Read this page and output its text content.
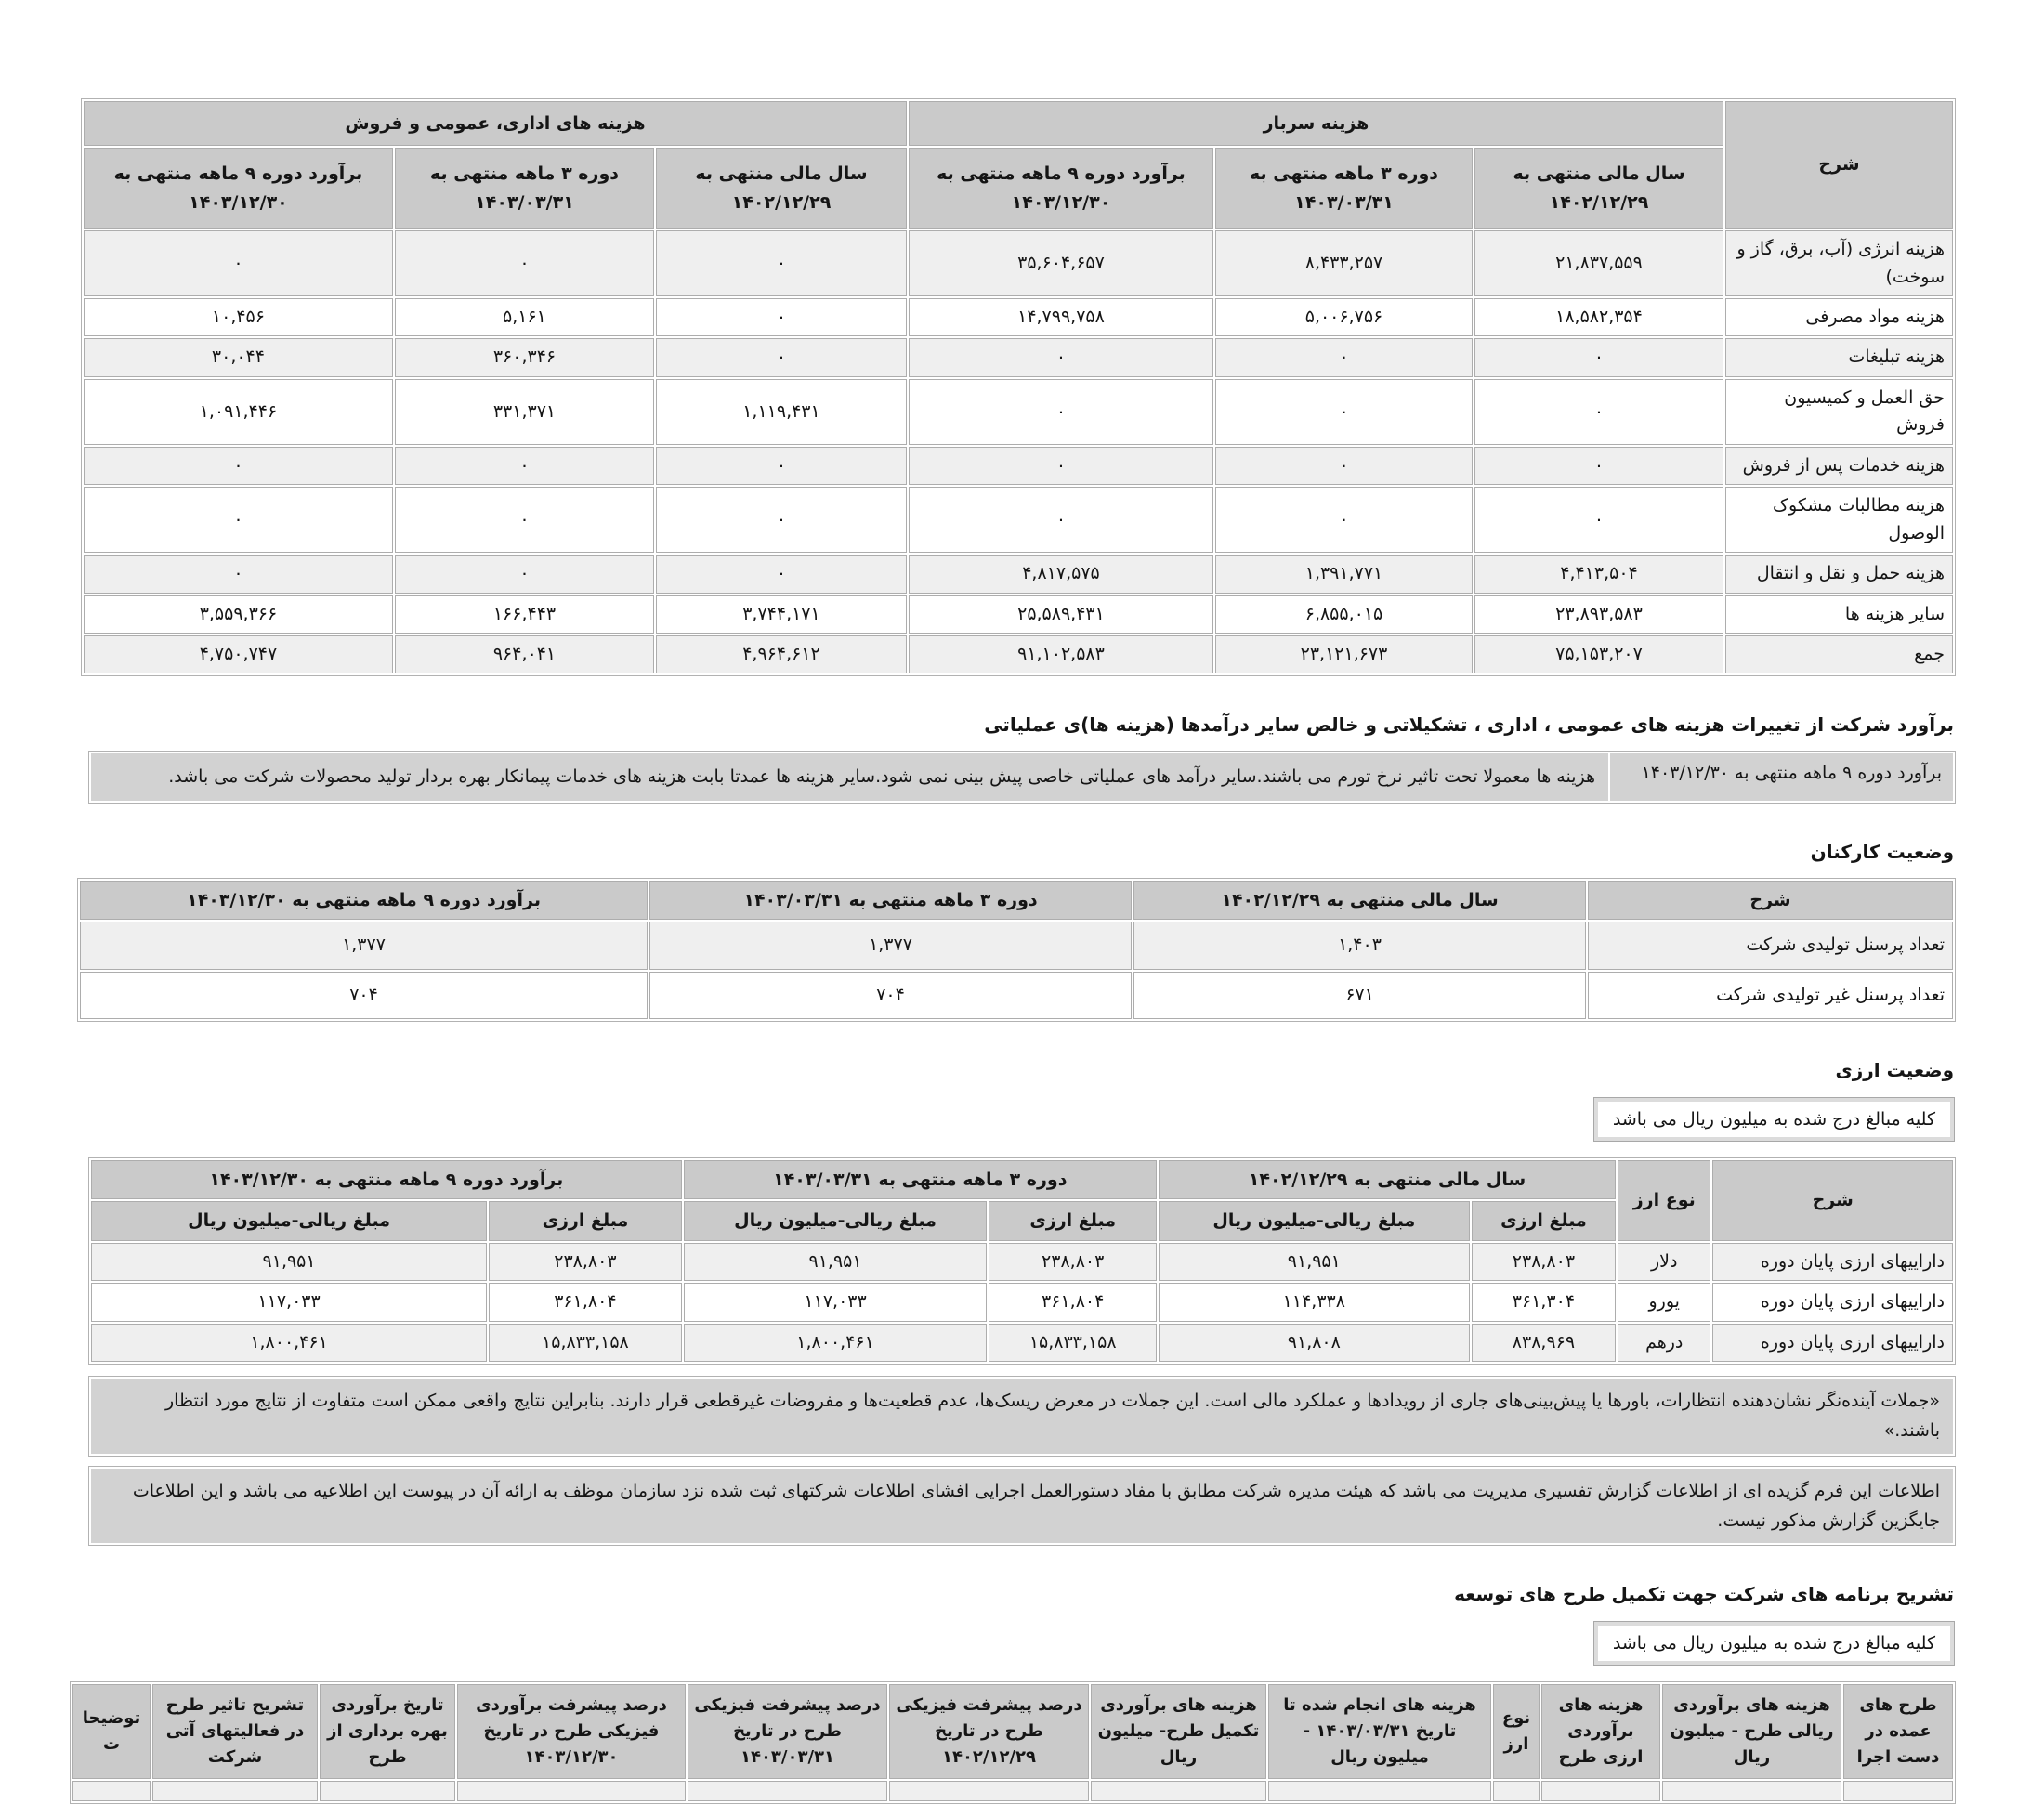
شرح	هزینه سربار			هزینه های اداری، عمومی و فروش		
	سال مالی منتهی به ۱۴۰۲/۱۲/۲۹	دوره ۳ ماهه منتهی به ۱۴۰۳/۰۳/۳۱	برآورد دوره ۹ ماهه منتهی به ۱۴۰۳/۱۲/۳۰	سال مالی منتهی به ۱۴۰۲/۱۲/۲۹	دوره ۳ ماهه منتهی به ۱۴۰۳/۰۳/۳۱	برآورد دوره ۹ ماهه منتهی به ۱۴۰۳/۱۲/۳۰
هزینه انرژی (آب، برق، گاز و سوخت)	۲۱,۸۳۷,۵۵۹	۸,۴۳۳,۲۵۷	۳۵,۶۰۴,۶۵۷	۰	۰	۰
هزینه مواد مصرفی	۱۸,۵۸۲,۳۵۴	۵,۰۰۶,۷۵۶	۱۴,۷۹۹,۷۵۸	۰	۵,۱۶۱	۱۰,۴۵۶
هزینه تبلیغات	۰	۰	۰	۰	۳۶۰,۳۴۶	۳۰,۰۴۴
حق العمل و کمیسیون فروش	۰	۰	۰	۱,۱۱۹,۴۳۱	۳۳۱,۳۷۱	۱,۰۹۱,۴۴۶
هزینه خدمات پس از فروش	۰	۰	۰	۰	۰	۰
هزینه مطالبات مشکوک الوصول	۰	۰	۰	۰	۰	۰
هزینه حمل و نقل و انتقال	۴,۴۱۳,۵۰۴	۱,۳۹۱,۷۷۱	۴,۸۱۷,۵۷۵	۰	۰	۰
سایر هزینه ها	۲۳,۸۹۳,۵۸۳	۶,۸۵۵,۰۱۵	۲۵,۵۸۹,۴۳۱	۳,۷۴۴,۱۷۱	۱۶۶,۴۴۳	۳,۵۵۹,۳۶۶
جمع	۷۵,۱۵۳,۲۰۷	۲۳,۱۲۱,۶۷۳	۹۱,۱۰۲,۵۸۳	۴,۹۶۴,۶۱۲	۹۶۴,۰۴۱	۴,۷۵۰,۷۴۷
برآورد شرکت از تغییرات هزینه های عمومی ، اداری ، تشکیلاتی و خالص سایر درآمدها (هزینه ها)ی عملیاتی
برآورد دوره ۹ ماهه منتهی به ۱۴۰۳/۱۲/۳۰
هزینه ها معمولا تحت تاثیر نرخ تورم می باشند.سایر درآمد های عملیاتی خاصی پیش بینی نمی شود.سایر هزینه ها عمدتا بابت هزینه های خدمات پیمانکار بهره بردار تولید محصولات شرکت می باشد.
وضعیت کارکنان
شرح	سال مالی منتهی به ۱۴۰۲/۱۲/۲۹	دوره ۳ ماهه منتهی به ۱۴۰۳/۰۳/۳۱	برآورد دوره ۹ ماهه منتهی به ۱۴۰۳/۱۲/۳۰
تعداد پرسنل تولیدی شرکت	۱,۴۰۳	۱,۳۷۷	۱,۳۷۷
تعداد پرسنل غیر تولیدی شرکت	۶۷۱	۷۰۴	۷۰۴
وضعیت ارزی
کلیه مبالغ درج شده به میلیون ریال می باشد
شرح	نوع ارز	سال مالی منتهی به ۱۴۰۲/۱۲/۲۹		دوره ۳ ماهه منتهی به ۱۴۰۳/۰۳/۳۱		برآورد دوره ۹ ماهه منتهی به ۱۴۰۳/۱۲/۳۰	
		مبلغ ارزی	مبلغ ریالی-میلیون ریال	مبلغ ارزی	مبلغ ریالی-میلیون ریال	مبلغ ارزی	مبلغ ریالی-میلیون ریال
داراییهای ارزی پایان دوره	دلار	۲۳۸,۸۰۳	۹۱,۹۵۱	۲۳۸,۸۰۳	۹۱,۹۵۱	۲۳۸,۸۰۳	۹۱,۹۵۱
داراییهای ارزی پایان دوره	یورو	۳۶۱,۳۰۴	۱۱۴,۳۳۸	۳۶۱,۸۰۴	۱۱۷,۰۳۳	۳۶۱,۸۰۴	۱۱۷,۰۳۳
داراییهای ارزی پایان دوره	درهم	۸۳۸,۹۶۹	۹۱,۸۰۸	۱۵,۸۳۳,۱۵۸	۱,۸۰۰,۴۶۱	۱۵,۸۳۳,۱۵۸	۱,۸۰۰,۴۶۱
«جملات آینده‌نگر نشان‌دهنده انتظارات، باورها یا پیش‌بینی‌های جاری از رویدادها و عملکرد مالی است. این جملات در معرض ریسک‌ها، عدم قطعیت‌ها و مفروضات غیرقطعی قرار دارند. بنابراین نتایج واقعی ممکن است متفاوت از نتایج مورد انتظار باشند.»
اطلاعات این فرم گزیده ای از اطلاعات گزارش تفسیری مدیریت می باشد که هیئت مدیره شرکت مطابق با مفاد دستورالعمل اجرایی افشای اطلاعات شرکتهای ثبت شده نزد سازمان موظف به ارائه آن در پیوست این اطلاعیه می باشد و این اطلاعات جایگزین گزارش مذکور نیست.
تشریح برنامه های شرکت جهت تکمیل طرح های توسعه
کلیه مبالغ درج شده به میلیون ریال می باشد
طرح های عمده در دست اجرا	هزینه های برآوردی ریالی طرح - میلیون ریال	هزینه های برآوردی ارزی طرح	نوع ارز	هزینه های انجام شده تا تاریخ ۱۴۰۳/۰۳/۳۱ - میلیون ریال	هزینه های برآوردی تکمیل طرح- میلیون ریال	درصد پیشرفت فیزیکی طرح در تاریخ ۱۴۰۲/۱۲/۲۹	درصد پیشرفت فیزیکی طرح در تاریخ ۱۴۰۳/۰۳/۳۱	درصد پیشرفت برآوردی فیزیکی طرح در تاریخ ۱۴۰۳/۱۲/۳۰	تاریخ برآوردی بهره برداری از طرح	تشریح تاثیر طرح در فعالیتهای آتی شرکت	توضیحات
